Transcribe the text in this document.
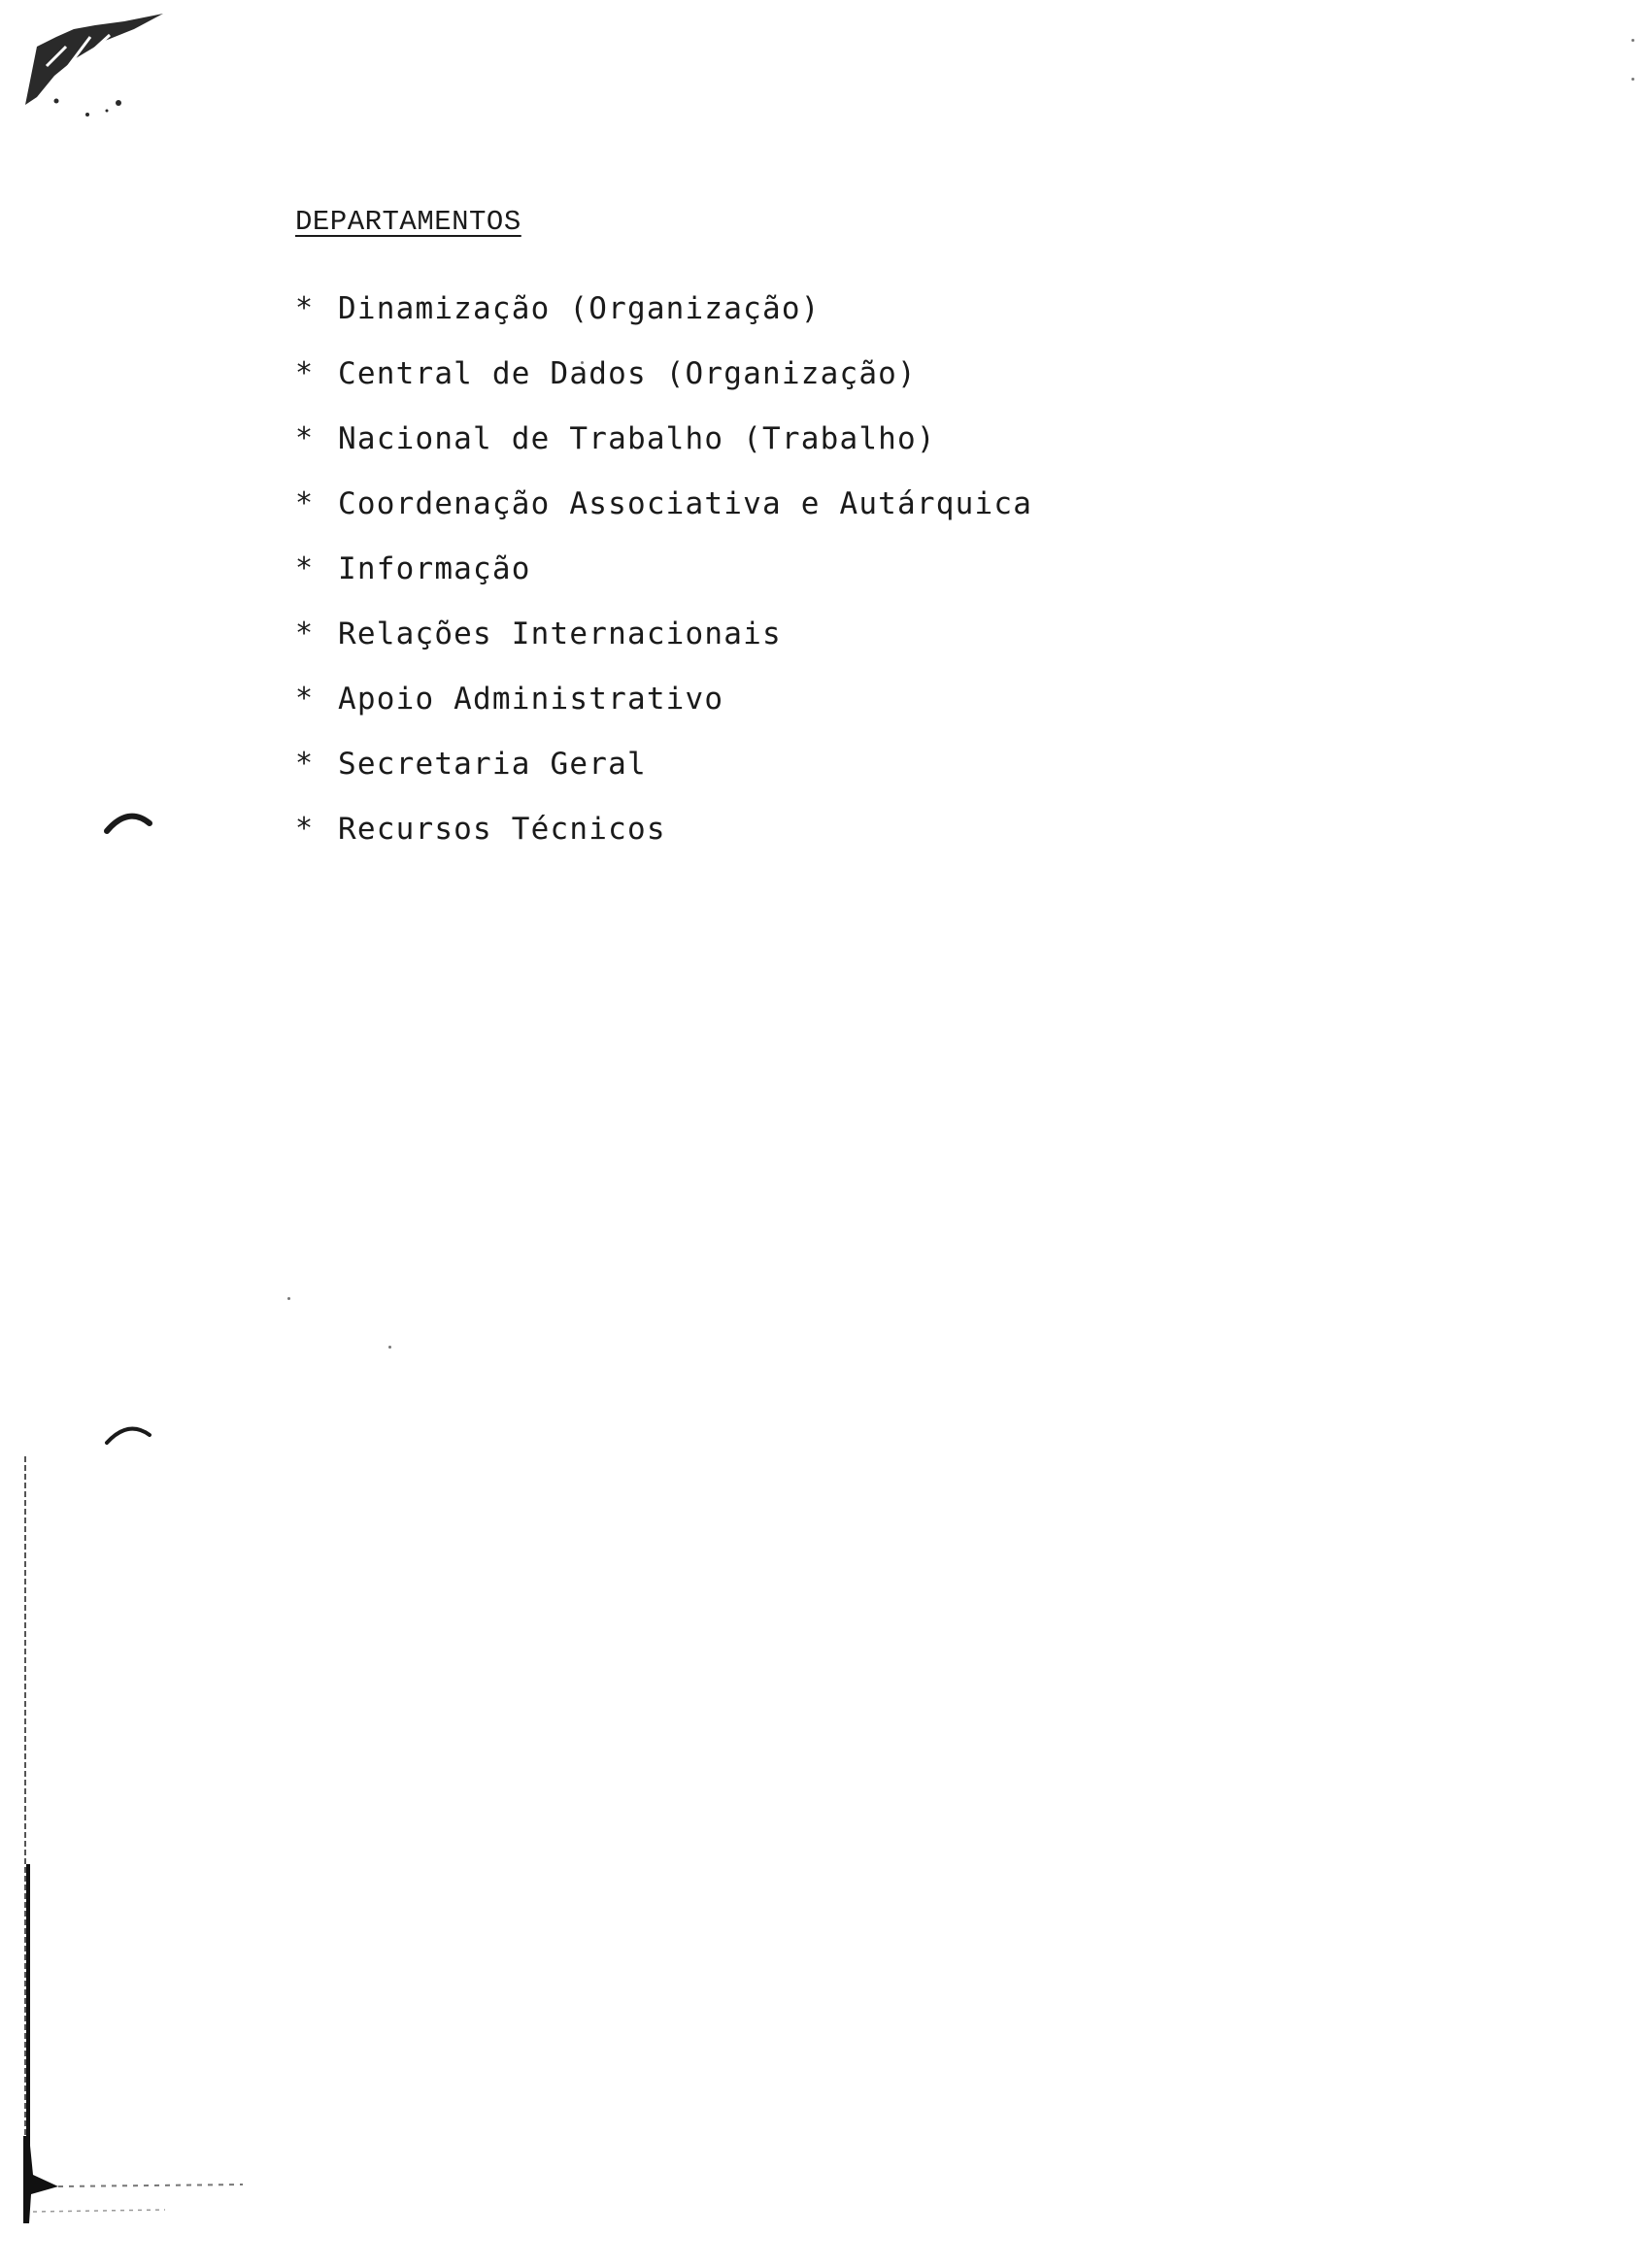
DEPARTAMENTOS
* Dinamização (Organização)
* Central de Dados (Organização)
* Nacional de Trabalho (Trabalho)
* Coordenação Associativa e Autárquica
* Informação
* Relações Internacionais
* Apoio Administrativo
* Secretaria Geral
* Recursos Técnicos
